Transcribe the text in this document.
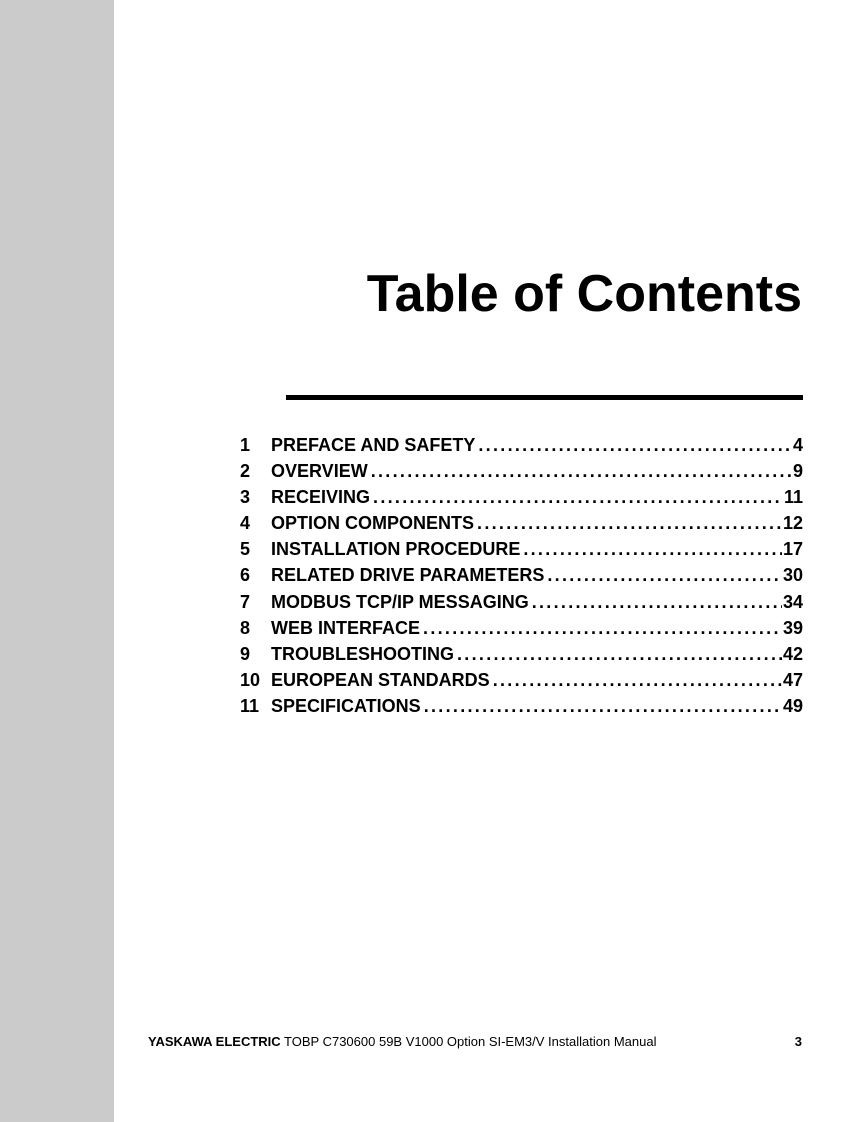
Table of Contents
1	PREFACE AND SAFETY .....	4
2	OVERVIEW .....	9
3	RECEIVING .....	11
4	OPTION COMPONENTS .....	12
5	INSTALLATION PROCEDURE .....	17
6	RELATED DRIVE PARAMETERS .....	30
7	MODBUS TCP/IP MESSAGING .....	34
8	WEB INTERFACE .....	39
9	TROUBLESHOOTING .....	42
10 EUROPEAN STANDARDS .....	47
11 SPECIFICATIONS .....	49
YASKAWA ELECTRIC TOBP C730600 59B V1000 Option SI-EM3/V Installation Manual	3
